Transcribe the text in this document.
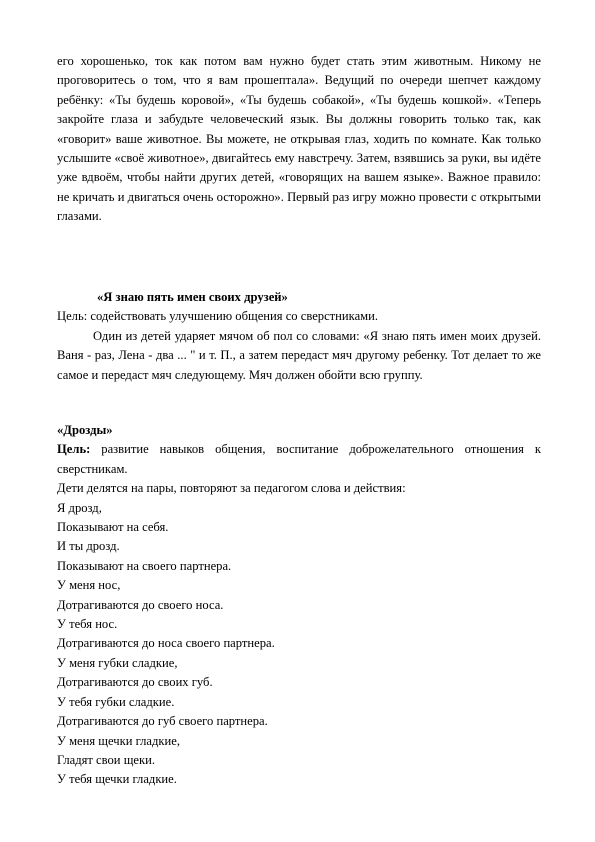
его хорошенько, ток как потом вам нужно будет стать этим животным. Никому не проговоритесь о том, что я вам прошептала». Ведущий по очереди шепчет каждому ребёнку: «Ты будешь коровой», «Ты будешь собакой», «Ты будешь кошкой». «Теперь закройте глаза и забудьте человеческий язык. Вы должны говорить только так, как «говорит» ваше животное. Вы можете, не открывая глаз, ходить по комнате. Как только услышите «своё животное», двигайтесь ему навстречу. Затем, взявшись за руки, вы идёте уже вдвоём, чтобы найти других детей, «говорящих на вашем языке». Важное правило: не кричать и двигаться очень осторожно». Первый раз игру можно провести с открытыми глазами.

«Я знаю пять имен своих друзей»

Цель: содействовать улучшению общения со сверстниками.

Один из детей ударяет мячом об пол со словами: «Я знаю пять имен моих друзей. Ваня - раз, Лена - два ... " и т. П., а затем передаст мяч другому ребенку. Тот делает то же самое и передаст мяч следующему. Мяч должен обойти всю группу.

«Дрозды»

Цель: развитие навыков общения, воспитание доброжелательного отношения к сверстникам.

Дети делятся на пары, повторяют за педагогом слова и действия:

Я дрозд,

Показывают на себя.

И ты дрозд.

Показывают на своего партнера.

У меня нос,

Дотрагиваются до своего носа.

У тебя нос.

Дотрагиваются до носа своего партнера.

У меня губки сладкие,

Дотрагиваются до своих губ.

У тебя губки сладкие.

Дотрагиваются до губ своего партнера.

У меня щечки гладкие,

Гладят свои щеки.

У тебя щечки гладкие.
